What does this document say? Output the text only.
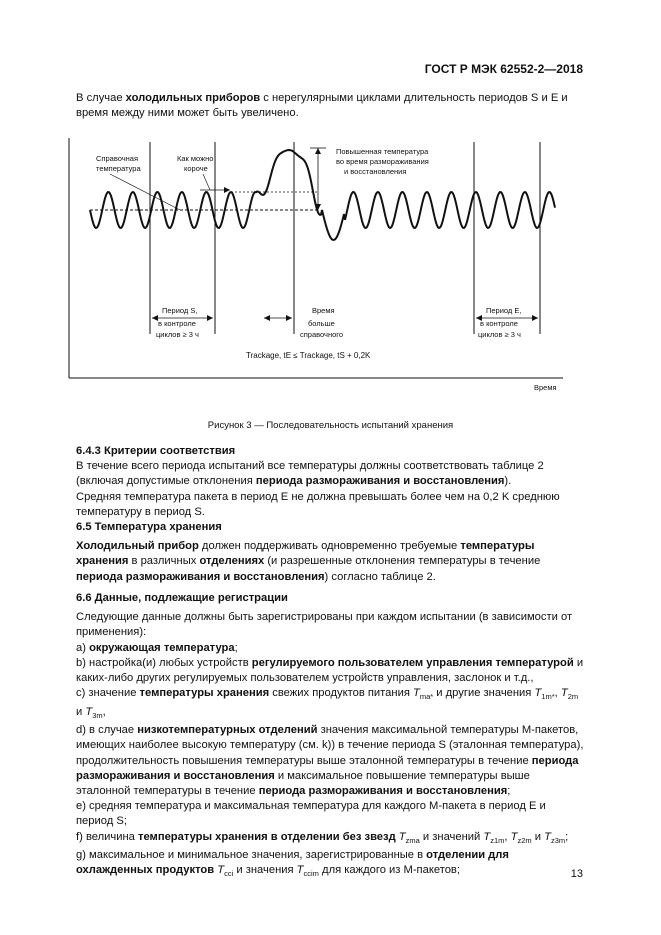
ГОСТ Р МЭК 62552-2—2018

В случае холодильных приборов с нерегулярными циклами длительность периодов S и E и время между ними может быть увеличено.

Справочная
температура
Как можно
короче
Повышенная температура
во время размораживания
и восстановления
Период S,
в контроле
циклов ≥ 3 ч
Время
больше
справочного
Период E,
в контроле
циклов ≥ 3 ч
Trackage, tE ≤ Trackage, tS + 0,2K
Время
Рисунок 3 — Последовательность испытаний хранения

6.4.3 Критерии соответствия

В течение всего периода испытаний все температуры должны соответствовать таблице 2 (включая допустимые отклонения периода размораживания и восстановления).

Средняя температура пакета в период E не должна превышать более чем на 0,2 K среднюю температуру в период S.

6.5 Температура хранения

Холодильный прибор должен поддерживать одновременно требуемые температуры хранения в различных отделениях (и разрешенные отклонения температуры в течение периода размораживания и восстановления) согласно таблице 2.

6.6 Данные, подлежащие регистрации

Следующие данные должны быть зарегистрированы при каждом испытании (в зависимости от применения):

a) окружающая температура;

b) настройка(и) любых устройств регулируемого пользователем управления температурой и каких-либо других регулируемых пользователем устройств управления, заслонок и т.д.,

c) значение температуры хранения свежих продуктов питания $T_{ma*}$ и другие значения $T_{1m*}$, $T_{2m}$ и $T_{3m}$,

d) в случае низкотемпературных отделений значения максимальной температуры M-пакетов, имеющих наиболее высокую температуру (см. k)) в течение периода S (эталонная температура), продолжительность повышения температуры выше эталонной температуры в течение периода размораживания и восстановления и максимальное повышение температуры выше эталонной температуры в течение периода размораживания и восстановления;

e) средняя температура и максимальная температура для каждого M-пакета в период E и период S;

f) величина температуры хранения в отделении без звезд $T_{zma}$ и значений $T_{z1m}$, $T_{z2m}$ и $T_{z3m}$;

g) максимальное и минимальное значения, зарегистрированные в отделении для охлажденных продуктов $T_{cci}$ и значения $T_{ccim}$ для каждого из M-пакетов;	13
